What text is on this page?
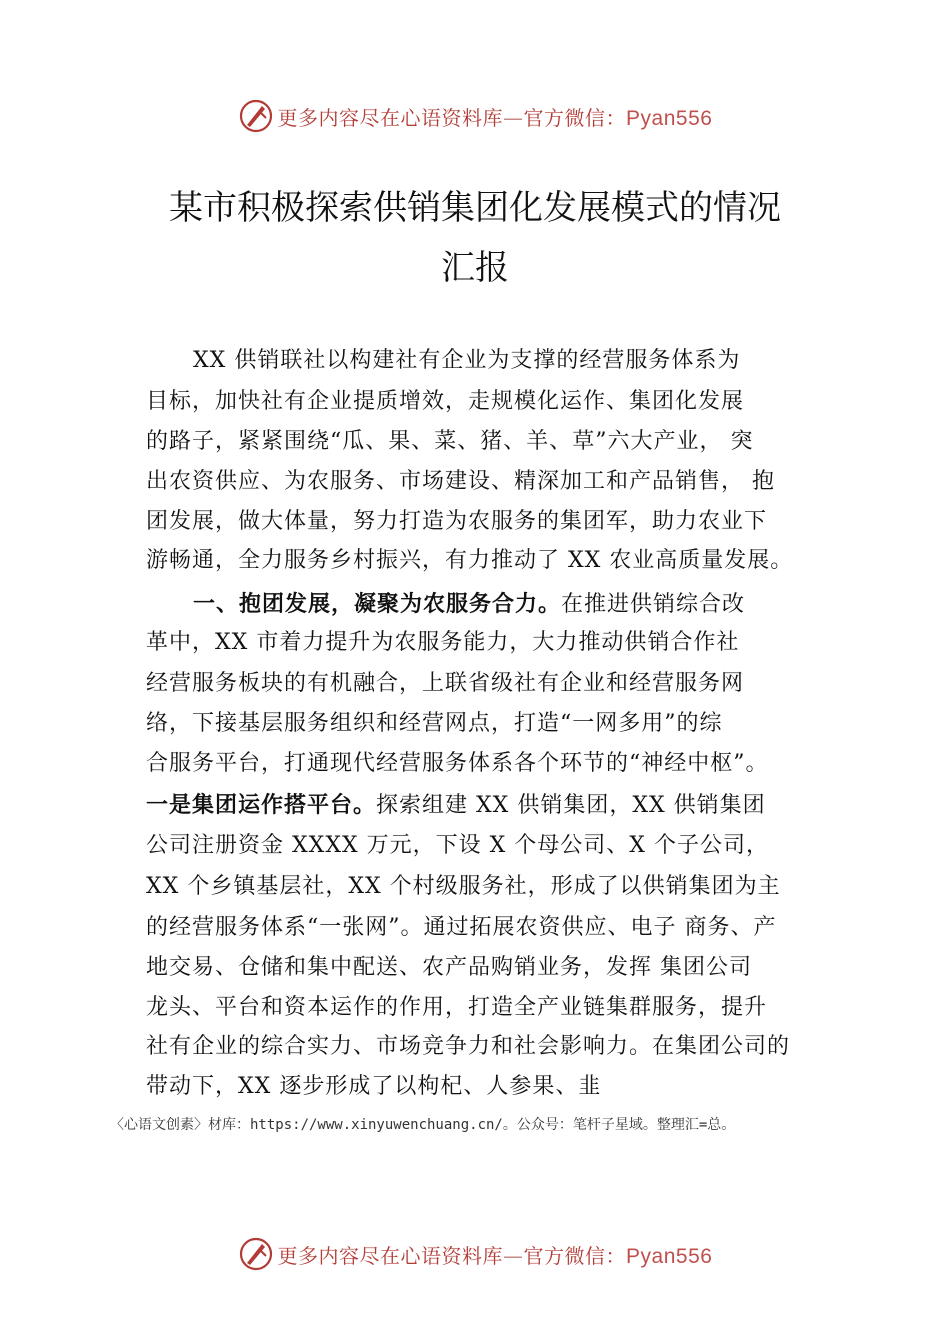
更多内容尽在心语资料库—官方微信：Pyan556
某市积极探索供销集团化发展模式的情况
汇报
XX 供销联社以构建社有企业为支撑的经营服务体系为
目标，加快社有企业提质增效，走规模化运作、集团化发展
的路子，紧紧围绕“瓜、果、菜、猪、羊、草”六大产业， 突
出农资供应、为农服务、市场建设、精深加工和产品销售， 抱
团发展，做大体量，努力打造为农服务的集团军，助力农业下
游畅通，全力服务乡村振兴，有力推动了 XX 农业高质量发展。
一、抱团发展，凝聚为农服务合力。在推进供销综合改
革中，XX 市着力提升为农服务能力，大力推动供销合作社
经营服务板块的有机融合，上联省级社有企业和经营服务网
络，下接基层服务组织和经营网点，打造“一网多用”的综
合服务平台，打通现代经营服务体系各个环节的“神经中枢”。
一是集团运作搭平台。探索组建 XX 供销集团，XX 供销集团
公司注册资金 XXXX 万元，下设 X 个母公司、X 个子公司，
XX 个乡镇基层社，XX 个村级服务社，形成了以供销集团为主
的经营服务体系“一张网”。通过拓展农资供应、电子 商务、产
地交易、仓储和集中配送、农产品购销业务，发挥 集团公司
龙头、平台和资本运作的作用，打造全产业链集群服务，提升
社有企业的综合实力、市场竞争力和社会影响力。在集团公司的
带动下，XX 逐步形成了以枸杞、人参果、韭
〈心语文创素〉材库：https://www.xinyuwenchuang.cn/。公众号：笔杆子星域。整理汇=总。
更多内容尽在心语资料库—官方微信：Pyan556
